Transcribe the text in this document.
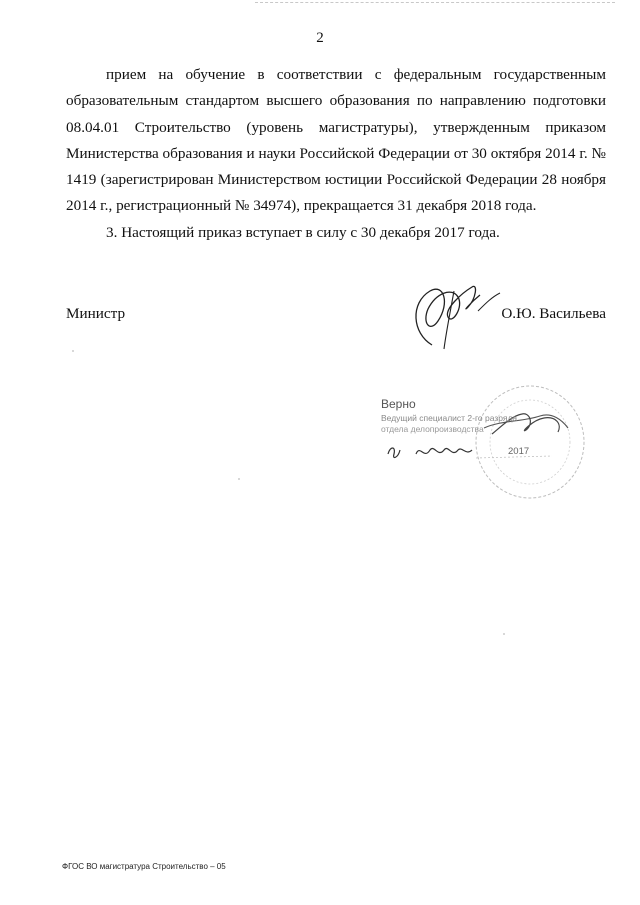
2

прием на обучение в соответствии с федеральным государственным образовательным стандартом высшего образования по направлению подготовки 08.04.01 Строительство (уровень магистратуры), утвержденным приказом Министерства образования и науки Российской Федерации от 30 октября 2014 г. № 1419 (зарегистрирован Министерством юстиции Российской Федерации 28 ноября 2014 г., регистрационный № 34974), прекращается 31 декабря 2018 года.

3. Настоящий приказ вступает в силу с 30 декабря 2017 года.

Министр	О.Ю. Васильева
Верно
Ведущий специалист 2-го разряда
отдела делопроизводства
2017
ФГОС ВО магистратура Строительство – 05
